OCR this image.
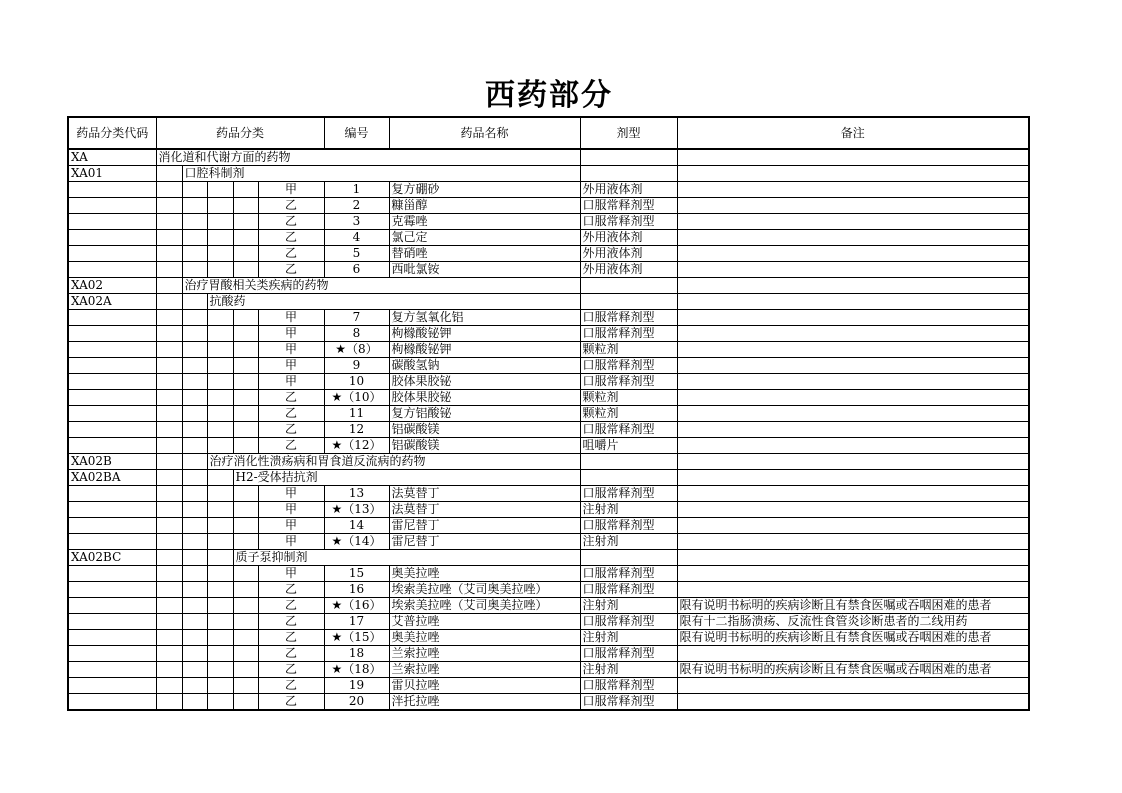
西药部分
药品分类代码	药品分类					编号	药品名称	剂型	备注
XA	消化道和代谢方面的药物								
XA01		口腔科制剂							
					甲	1	复方硼砂	外用液体剂	
					乙	2	糠甾醇	口服常释剂型	
					乙	3	克霉唑	口服常释剂型	
					乙	4	氯己定	外用液体剂	
					乙	5	替硝唑	外用液体剂	
					乙	6	西吡氯铵	外用液体剂	
XA02		治疗胃酸相关类疾病的药物							
XA02A			抗酸药						
					甲	7	复方氢氧化铝	口服常释剂型	
					甲	8	枸橼酸铋钾	口服常释剂型	
					甲	★（8）	枸橼酸铋钾	颗粒剂	
					甲	9	碳酸氢钠	口服常释剂型	
					甲	10	胶体果胶铋	口服常释剂型	
					乙	★（10）	胶体果胶铋	颗粒剂	
					乙	11	复方铝酸铋	颗粒剂	
					乙	12	铝碳酸镁	口服常释剂型	
					乙	★（12）	铝碳酸镁	咀嚼片	
XA02B			治疗消化性溃疡病和胃食道反流病的药物						
XA02BA				H2-受体拮抗剂					
					甲	13	法莫替丁	口服常释剂型	
					甲	★（13）	法莫替丁	注射剂	
					甲	14	雷尼替丁	口服常释剂型	
					甲	★（14）	雷尼替丁	注射剂	
XA02BC				质子泵抑制剂					
					甲	15	奥美拉唑	口服常释剂型	
					乙	16	埃索美拉唑（艾司奥美拉唑）	口服常释剂型	
					乙	★（16）	埃索美拉唑（艾司奥美拉唑）	注射剂	限有说明书标明的疾病诊断且有禁食医嘱或吞咽困难的患者
					乙	17	艾普拉唑	口服常释剂型	限有十二指肠溃疡、反流性食管炎诊断患者的二线用药
					乙	★（15）	奥美拉唑	注射剂	限有说明书标明的疾病诊断且有禁食医嘱或吞咽困难的患者
					乙	18	兰索拉唑	口服常释剂型	
					乙	★（18）	兰索拉唑	注射剂	限有说明书标明的疾病诊断且有禁食医嘱或吞咽困难的患者
					乙	19	雷贝拉唑	口服常释剂型	
					乙	20	泮托拉唑	口服常释剂型	
